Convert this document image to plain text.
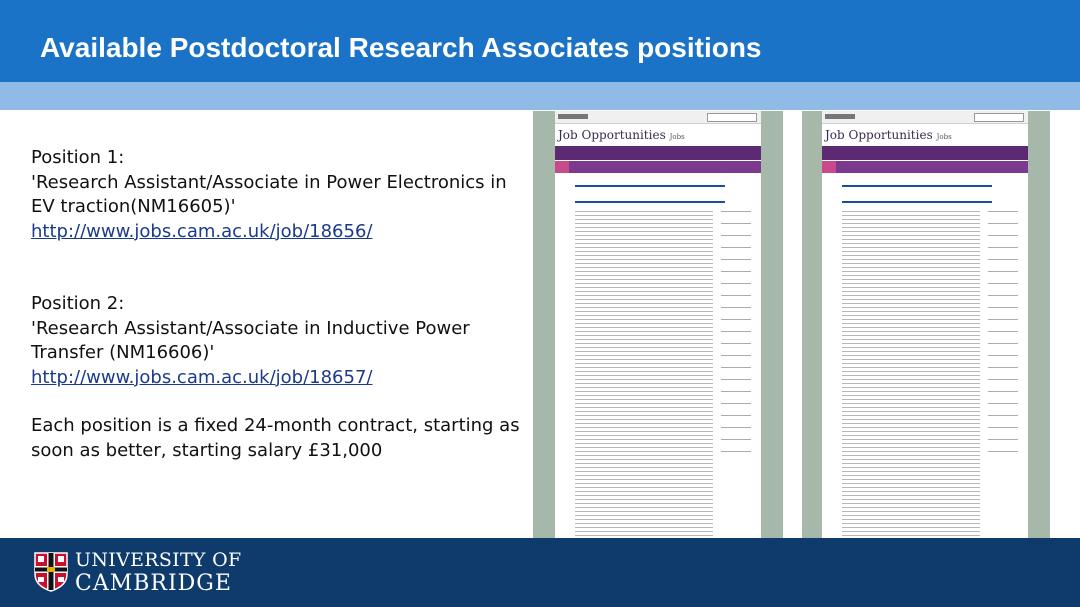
Available Postdoctoral Research Associates positions

Position 1:

'Research Assistant/Associate in Power Electronics in EV traction(NM16605)'

http://www.jobs.cam.ac.uk/job/18656/

Position 2:

'Research Assistant/Associate in Inductive Power Transfer (NM16606)'

http://www.jobs.cam.ac.uk/job/18657/

Each position is a fixed 24-month contract, starting as soon as better, starting salary £31,000

Job Opportunities Jobs	Job Opportunities Jobs
UNIVERSITY OF
CAMBRIDGE
